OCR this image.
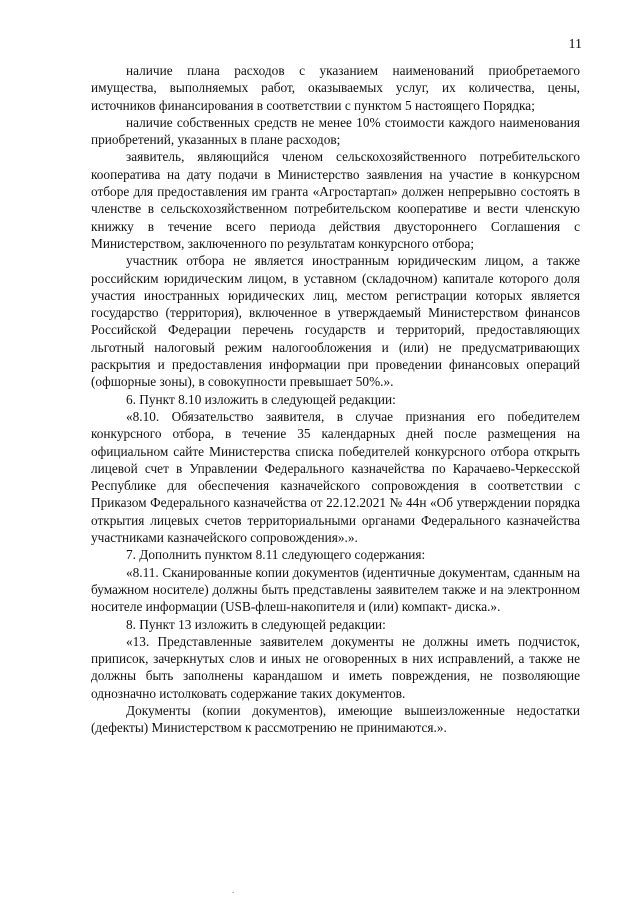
11

наличие плана расходов с указанием наименований приобретаемого имущества, выполняемых работ, оказываемых услуг, их количества, цены, источников финансирования в соответствии с пунктом 5 настоящего Порядка;

наличие собственных средств не менее 10% стоимости каждого наименования приобретений, указанных в плане расходов;

заявитель, являющийся членом сельскохозяйственного потребительского кооператива на дату подачи в Министерство заявления на участие в конкурсном отборе для предоставления им гранта «Агростартап» должен непрерывно состоять в членстве в сельскохозяйственном потребительском кооперативе и вести членскую книжку в течение всего периода действия двустороннего Соглашения с Министерством, заключенного по результатам конкурсного отбора;

участник отбора не является иностранным юридическим лицом, а также российским юридическим лицом, в уставном (складочном) капитале которого доля участия иностранных юридических лиц, местом регистрации которых является государство (территория), включенное в утверждаемый Министерством финансов Российской Федерации перечень государств и территорий, предоставляющих льготный налоговый режим налогообложения и (или) не предусматривающих раскрытия и предоставления информации при проведении финансовых операций (офшорные зоны), в совокупности превышает 50%.».

6. Пункт 8.10 изложить в следующей редакции:

«8.10. Обязательство заявителя, в случае признания его победителем конкурсного отбора, в течение 35 календарных дней после размещения на официальном сайте Министерства списка победителей конкурсного отбора открыть лицевой счет в Управлении Федерального казначейства по Карачаево-Черкесской Республике для обеспечения казначейского сопровождения в соответствии с Приказом Федерального казначейства от 22.12.2021 № 44н «Об утверждении порядка открытия лицевых счетов территориальными органами Федерального казначейства участниками казначейского сопровождения».».

7. Дополнить пунктом 8.11 следующего содержания:

«8.11. Сканированные копии документов (идентичные документам, сданным на бумажном носителе) должны быть представлены заявителем также и на электронном носителе информации (USB-флеш-накопителя и (или) компакт- диска.».

8. Пункт 13 изложить в следующей редакции:

«13. Представленные заявителем документы не должны иметь подчисток, приписок, зачеркнутых слов и иных не оговоренных в них исправлений, а также не должны быть заполнены карандашом и иметь повреждения, не позволяющие однозначно истолковать содержание таких документов.

Документы (копии документов), имеющие вышеизложенные недостатки (дефекты) Министерством к рассмотрению не принимаются.».

.
